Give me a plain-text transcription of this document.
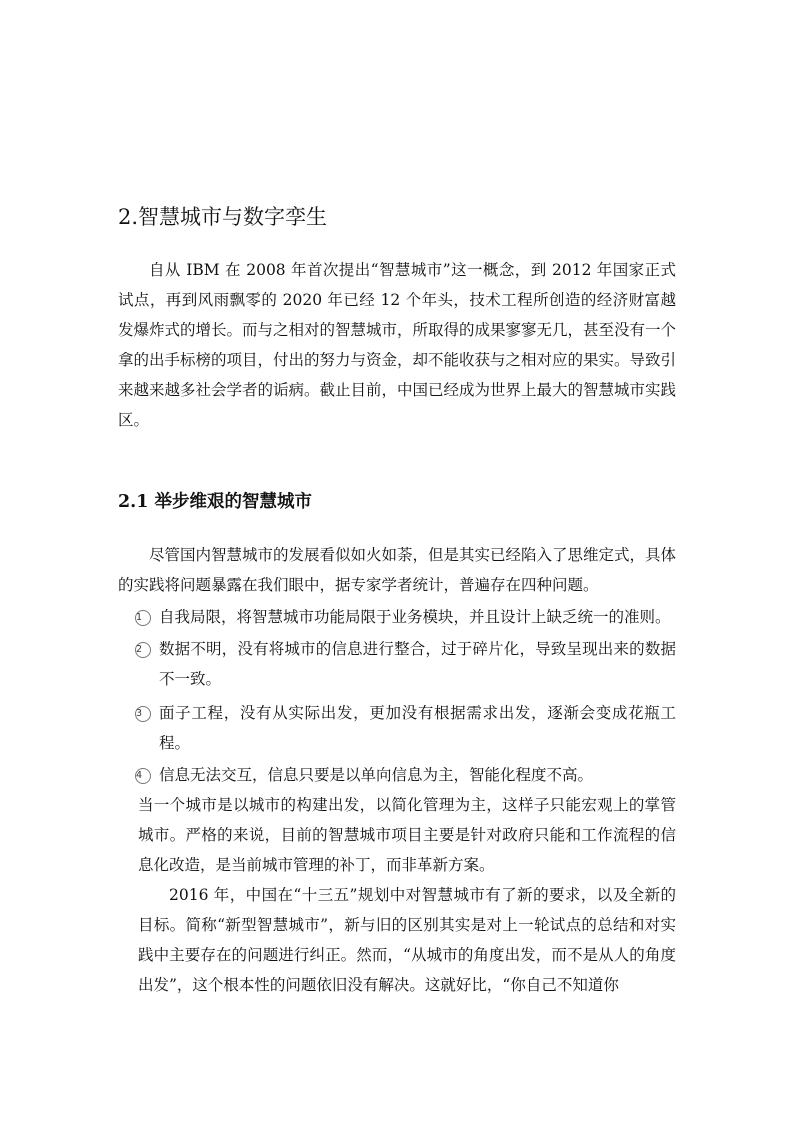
2.智慧城市与数字孪生
自从 IBM 在 2008 年首次提出“智慧城市”这一概念，到 2012 年国家正式试点，再到风雨飘零的 2020 年已经 12 个年头，技术工程所创造的经济财富越发爆炸式的增长。而与之相对的智慧城市，所取得的成果寥寥无几，甚至没有一个拿的出手标榜的项目，付出的努力与资金，却不能收获与之相对应的果实。导致引来越来越多社会学者的诟病。截止目前，中国已经成为世界上最大的智慧城市实践区。
2.1 举步维艰的智慧城市
尽管国内智慧城市的发展看似如火如荼，但是其实已经陷入了思维定式，具体的实践将问题暴露在我们眼中，据专家学者统计，普遍存在四种问题。
1	自我局限，将智慧城市功能局限于业务模块，并且设计上缺乏统一的准则。
2	数据不明，没有将城市的信息进行整合，过于碎片化，导致呈现出来的数据不一致。
3	面子工程，没有从实际出发，更加没有根据需求出发，逐渐会变成花瓶工程。
4	信息无法交互，信息只要是以单向信息为主，智能化程度不高。
当一个城市是以城市的构建出发，以简化管理为主，这样子只能宏观上的掌管城市。严格的来说，目前的智慧城市项目主要是针对政府只能和工作流程的信息化改造，是当前城市管理的补丁，而非革新方案。
2016 年，中国在“十三五”规划中对智慧城市有了新的要求，以及全新的目标。简称“新型智慧城市”，新与旧的区别其实是对上一轮试点的总结和对实践中主要存在的问题进行纠正。然而，“从城市的角度出发，而不是从人的角度出发”，这个根本性的问题依旧没有解决。这就好比，“你自己不知道你
